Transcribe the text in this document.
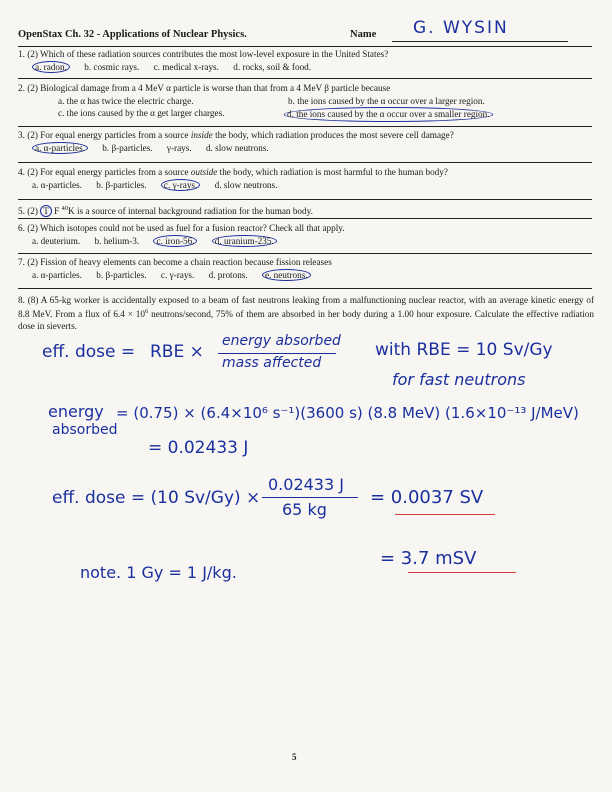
OpenStax Ch. 32 - Applications of Nuclear Physics.	Name G. WYSIN
1. (2) Which of these radiation sources contributes the most low-level exposure in the United States?
a. radon. b. cosmic rays. c. medical x-rays. d. rocks, soil & food.
2. (2) Biological damage from a 4 MeV α particle is worse than that from a 4 MeV β particle because
a. the α has twice the electric charge.	b. the ions caused by the α occur over a larger region.
c. the ions caused by the α get larger charges.	d. the ions caused by the α occur over a smaller region.
3. (2) For equal energy particles from a source inside the body, which radiation produces the most severe cell damage?
a. α-particles. b. β-particles. γ-rays. d. slow neutrons.
4. (2) For equal energy particles from a source outside the body, which radiation is most harmful to the human body?
a. α-particles. b. β-particles. c. γ-rays. d. slow neutrons.
5. (2) T F $^{40}$K is a source of internal background radiation for the human body.
6. (2) Which isotopes could not be used as fuel for a fusion reactor? Check all that apply.
a. deuterium. b. helium-3. c. iron-56. d. uranium-235.
7. (2) Fission of heavy elements can become a chain reaction because fission releases
a. α-particles. b. β-particles. c. γ-rays. d. protons. e. neutrons.
8. (8) A 65-kg worker is accidentally exposed to a beam of fast neutrons leaking from a malfunctioning nuclear reactor, with an average kinetic energy of 8.8 MeV. From a flux of $6.4 \times 10^6$ neutrons/second, 75% of them are absorbed in her body during a 1.00 hour exposure. Calculate the effective radiation dose in sieverts.
eff. dose = RBE ×
energy absorbed
mass affected
with RBE = 10 Sv/Gy
for fast neutrons
energy
absorbed
= (0.75) × (6.4×10⁶ s⁻¹)(3600 s) (8.8 MeV) (1.6×10⁻¹³ J/MeV)
= 0.02433 J
eff. dose = (10 Sv/Gy) ×
0.02433 J
65 kg
= 0.0037 SV
note. 1 Gy = 1 J/kg.
= 3.7 mSV
5
